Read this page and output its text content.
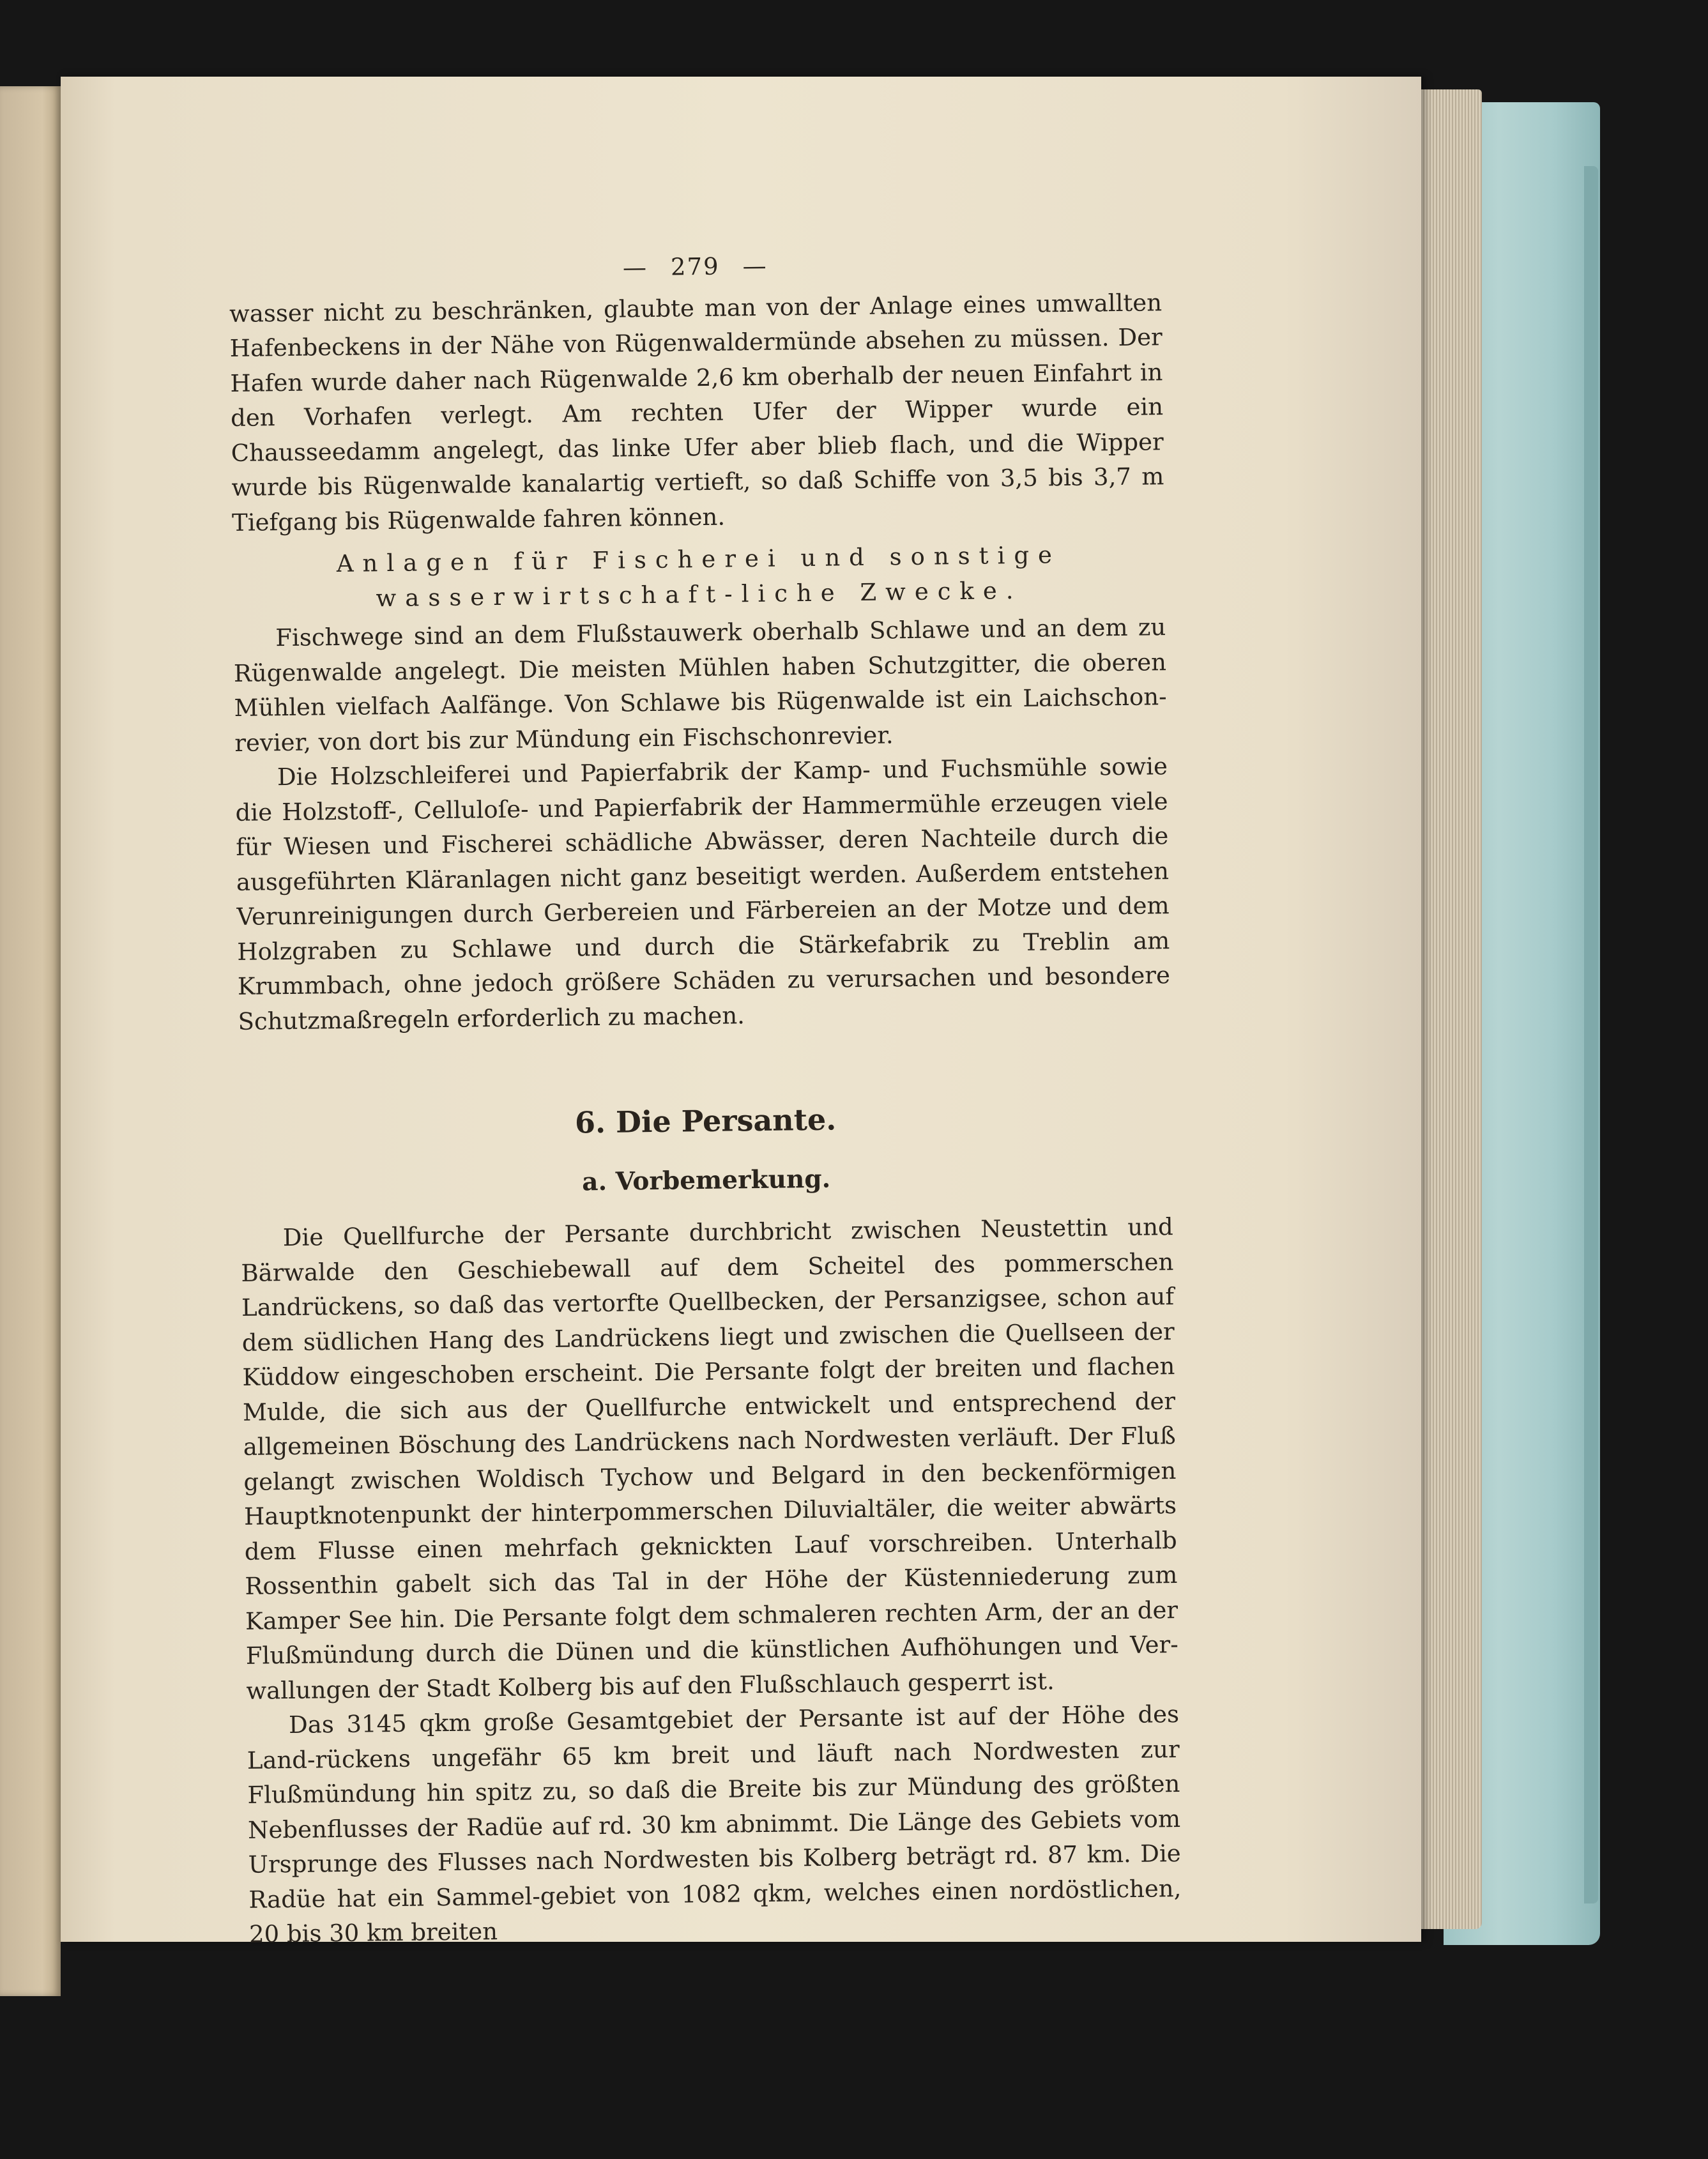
— 279 —

wasser nicht zu beschränken, glaubte man von der Anlage eines umwallten Hafenbeckens in der Nähe von Rügenwaldermünde absehen zu müssen. Der Hafen wurde daher nach Rügenwalde 2,6 km oberhalb der neuen Einfahrt in den Vorhafen verlegt. Am rechten Ufer der Wipper wurde ein Chausseedamm angelegt, das linke Ufer aber blieb flach, und die Wipper wurde bis Rügenwalde kanalartig vertieft, so daß Schiffe von 3,5 bis 3,7 m Tiefgang bis Rügenwalde fahren können.

Anlagen für Fischerei und sonstige wasserwirtschaft-liche Zwecke.

Fischwege sind an dem Flußstauwerk oberhalb Schlawe und an dem zu Rügenwalde angelegt. Die meisten Mühlen haben Schutzgitter, die oberen Mühlen vielfach Aalfänge. Von Schlawe bis Rügenwalde ist ein Laichschon-revier, von dort bis zur Mündung ein Fischschonrevier.

Die Holzschleiferei und Papierfabrik der Kamp- und Fuchsmühle sowie die Holzstoff-, Celluloſe- und Papierfabrik der Hammermühle erzeugen viele für Wiesen und Fischerei schädliche Abwässer, deren Nachteile durch die ausgeführten Kläranlagen nicht ganz beseitigt werden. Außerdem entstehen Verunreinigungen durch Gerbereien und Färbereien an der Motze und dem Holzgraben zu Schlawe und durch die Stärkefabrik zu Treblin am Krummbach, ohne jedoch größere Schäden zu verursachen und besondere Schutzmaßregeln erforderlich zu machen.

6. Die Persante.
a. Vorbemerkung.

Die Quellfurche der Persante durchbricht zwischen Neustettin und Bärwalde den Geschiebewall auf dem Scheitel des pommerschen Landrückens, so daß das vertorfte Quellbecken, der Persanzigsee, schon auf dem südlichen Hang des Landrückens liegt und zwischen die Quellseen der Küddow eingeschoben erscheint. Die Persante folgt der breiten und flachen Mulde, die sich aus der Quellfurche entwickelt und entsprechend der allgemeinen Böschung des Landrückens nach Nordwesten verläuft. Der Fluß gelangt zwischen Woldisch Tychow und Belgard in den beckenförmigen Hauptknotenpunkt der hinterpommerschen Diluvialtäler, die weiter abwärts dem Flusse einen mehrfach geknickten Lauf vorschreiben. Unterhalb Rossenthin gabelt sich das Tal in der Höhe der Küstenniederung zum Kamper See hin. Die Persante folgt dem schmaleren rechten Arm, der an der Flußmündung durch die Dünen und die künstlichen Aufhöhungen und Ver-wallungen der Stadt Kolberg bis auf den Flußschlauch gesperrt ist.

Das 3145 qkm große Gesamtgebiet der Persante ist auf der Höhe des Land-rückens ungefähr 65 km breit und läuft nach Nordwesten zur Flußmündung hin spitz zu, so daß die Breite bis zur Mündung des größten Nebenflusses der Radüe auf rd. 30 km abnimmt. Die Länge des Gebiets vom Ursprunge des Flusses nach Nordwesten bis Kolberg beträgt rd. 87 km. Die Radüe hat ein Sammel-gebiet von 1082 qkm, welches einen nordöstlichen, 20 bis 30 km breiten
